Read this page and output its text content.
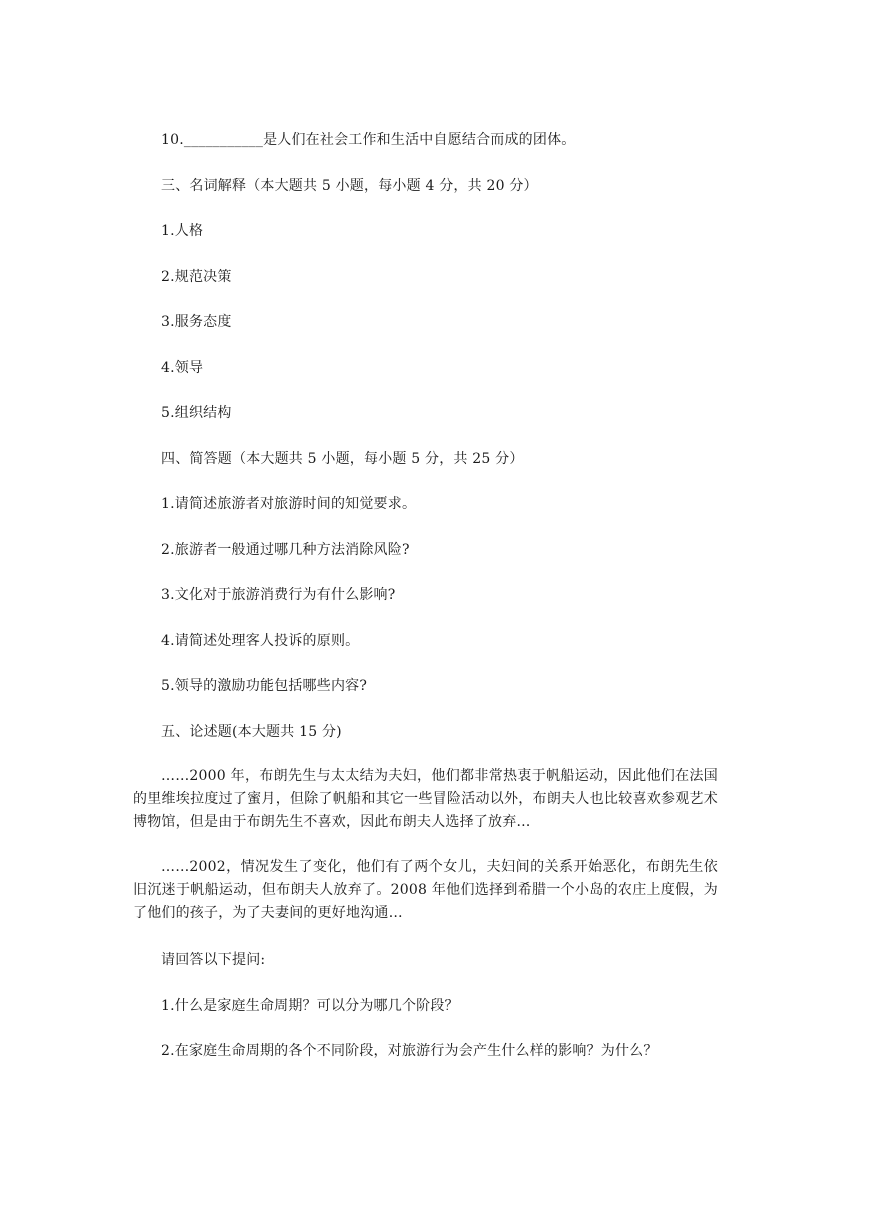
10.___________是人们在社会工作和生活中自愿结合而成的团体。
三、名词解释（本大题共 5 小题，每小题 4 分，共 20 分）
1.人格
2.规范决策
3.服务态度
4.领导
5.组织结构
四、简答题（本大题共 5 小题，每小题 5 分，共 25 分）
1.请简述旅游者对旅游时间的知觉要求。
2.旅游者一般通过哪几种方法消除风险?
3.文化对于旅游消费行为有什么影响?
4.请简述处理客人投诉的原则。
5.领导的激励功能包括哪些内容?
五、论述题(本大题共 15 分)
……2000 年，布朗先生与太太结为夫妇，他们都非常热衷于帆船运动，因此他们在法国的里维埃拉度过了蜜月，但除了帆船和其它一些冒险活动以外，布朗夫人也比较喜欢参观艺术博物馆，但是由于布朗先生不喜欢，因此布朗夫人选择了放弃…
……2002，情况发生了变化，他们有了两个女儿，夫妇间的关系开始恶化，布朗先生依旧沉迷于帆船运动，但布朗夫人放弃了。2008 年他们选择到希腊一个小岛的农庄上度假，为了他们的孩子，为了夫妻间的更好地沟通…
请回答以下提问:
1.什么是家庭生命周期？可以分为哪几个阶段？
2.在家庭生命周期的各个不同阶段，对旅游行为会产生什么样的影响？为什么？
